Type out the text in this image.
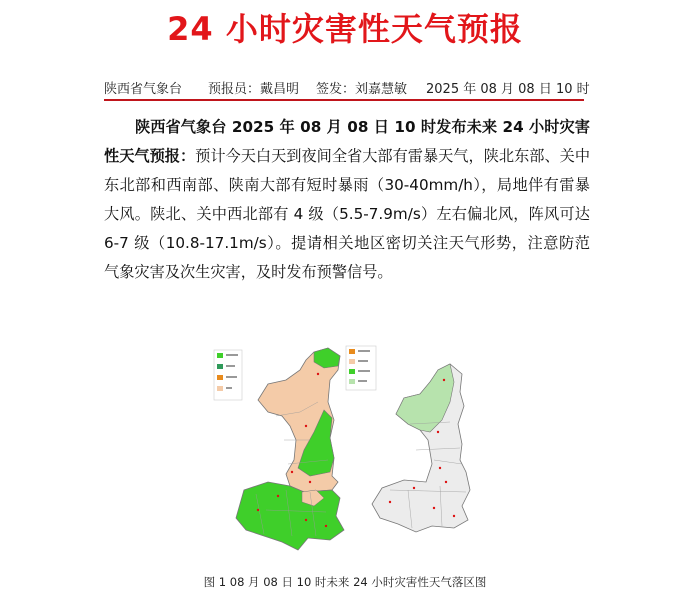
24 小时灾害性天气预报
陕西省气象台 预报员：戴昌明 签发：刘嘉慧敏 2025 年 08 月 08 日 10 时

陕西省气象台 2025 年 08 月 08 日 10 时发布未来 24 小时灾害性天气预报：预计今天白天到夜间全省大部有雷暴天气，陕北东部、关中东北部和西南部、陕南大部有短时暴雨（30-40mm/h），局地伴有雷暴大风。陕北、关中西北部有 4 级（5.5-7.9m/s）左右偏北风，阵风可达 6-7 级（10.8-17.1m/s）。提请相关地区密切关注天气形势，注意防范气象灾害及次生灾害，及时发布预警信号。

图 1 08 月 08 日 10 时未来 24 小时灾害性天气落区图
